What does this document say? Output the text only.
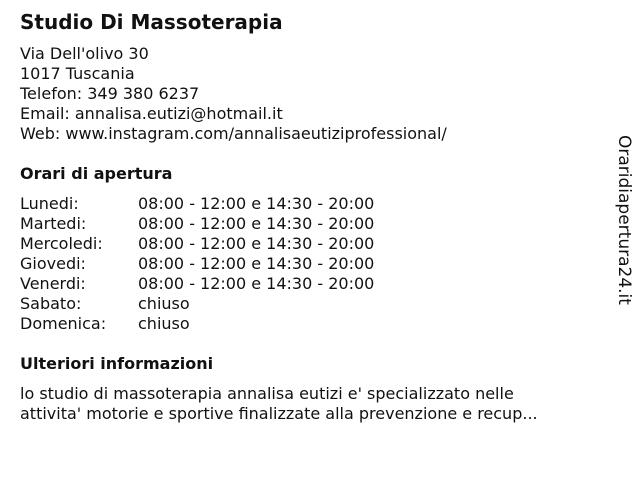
Studio Di Massoterapia
Via Dell'olivo 30
1017 Tuscania
Telefon: 349 380 6237
Email: annalisa.eutizi@hotmail.it
Web: www.instagram.com/annalisaeutiziprofessional/
Orari di apertura
Lunedi:	08:00 - 12:00 e 14:30 - 20:00
Martedi:	08:00 - 12:00 e 14:30 - 20:00
Mercoledi: 08:00 - 12:00 e 14:30 - 20:00
Giovedi:	08:00 - 12:00 e 14:30 - 20:00
Venerdi:	08:00 - 12:00 e 14:30 - 20:00
Sabato:	chiuso
Domenica: chiuso
Ulteriori informazioni
lo studio di massoterapia annalisa eutizi e' specializzato nelle
attivita' motorie e sportive finalizzate alla prevenzione e recup...
Oraridiapertura24.it
